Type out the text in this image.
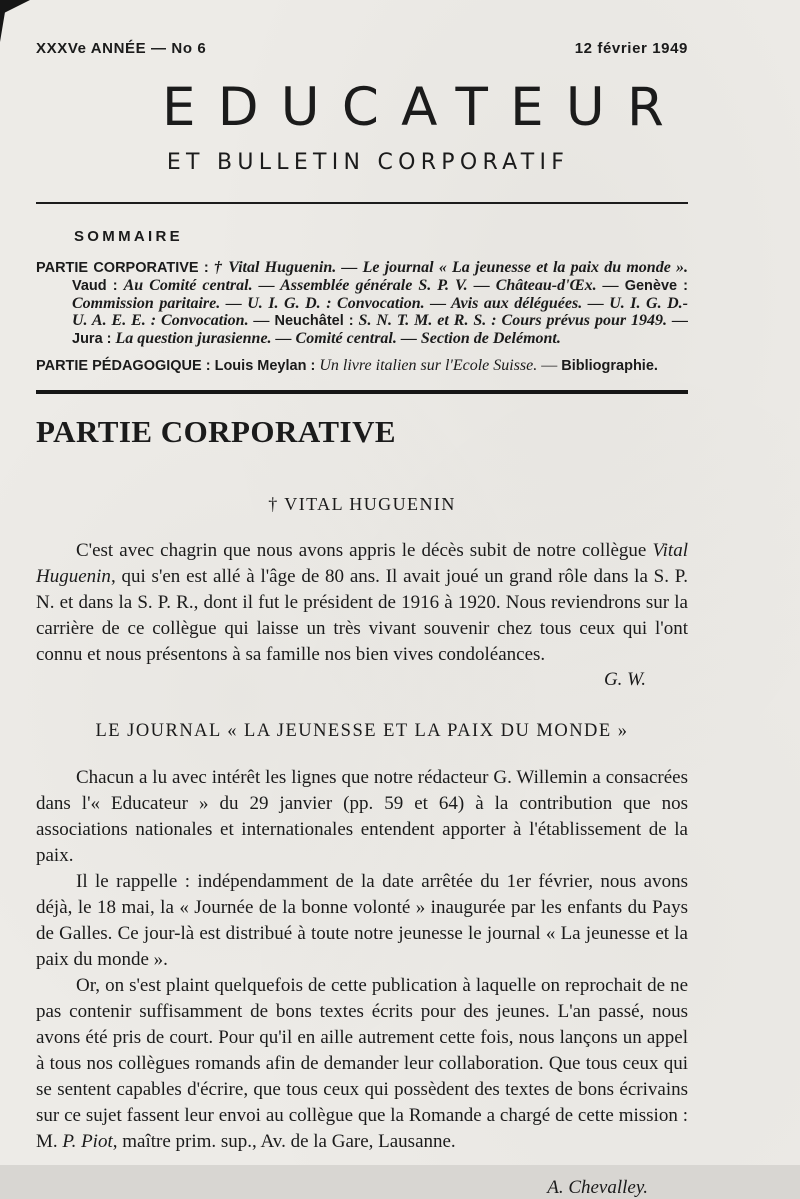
XXXVe ANNÉE — No 6	12 février 1949
EDUCATEUR
ET BULLETIN CORPORATIF
SOMMAIRE
PARTIE CORPORATIVE : † Vital Huguenin. — Le journal « La jeunesse et la paix du monde ».
Vaud : Au Comité central. — Assemblée générale S. P. V. — Château-d'Œx. — Genève :
Commission paritaire. — U. I. G. D. : Convocation. — Avis aux déléguées. — U. I. G. D.-
U. A. E. E. : Convocation. — Neuchâtel : S. N. T. M. et R. S. : Cours prévus pour 1949. —
Jura : La question jurasienne. — Comité central. — Section de Delémont.
PARTIE PÉDAGOGIQUE : Louis Meylan : Un livre italien sur l'Ecole Suisse. — Bibliographie.
PARTIE CORPORATIVE
† VITAL HUGUENIN

C'est avec chagrin que nous avons appris le décès subit de notre collègue Vital Huguenin, qui s'en est allé à l'âge de 80 ans. Il avait joué un grand rôle dans la S. P. N. et dans la S. P. R., dont il fut le président de 1916 à 1920. Nous reviendrons sur la carrière de ce collègue qui laisse un très vivant souvenir chez tous ceux qui l'ont connu et nous présentons à sa famille nos bien vives condoléances.

G. W.
LE JOURNAL « LA JEUNESSE ET LA PAIX DU MONDE »

Chacun a lu avec intérêt les lignes que notre rédacteur G. Willemin a consacrées dans l'« Educateur » du 29 janvier (pp. 59 et 64) à la contribution que nos associations nationales et internationales entendent apporter à l'établissement de la paix.

Il le rappelle : indépendamment de la date arrêtée du 1er février, nous avons déjà, le 18 mai, la « Journée de la bonne volonté » inaugurée par les enfants du Pays de Galles. Ce jour-là est distribué à toute notre jeunesse le journal « La jeunesse et la paix du monde ».

Or, on s'est plaint quelquefois de cette publication à laquelle on reprochait de ne pas contenir suffisamment de bons textes écrits pour des jeunes. L'an passé, nous avons été pris de court. Pour qu'il en aille autrement cette fois, nous lançons un appel à tous nos collègues romands afin de demander leur collaboration. Que tous ceux qui se sentent capables d'écrire, que tous ceux qui possèdent des textes de bons écrivains sur ce sujet fassent leur envoi au collègue que la Romande a chargé de cette mission : M. P. Piot, maître prim. sup., Av. de la Gare, Lausanne.

A. Chevalley.
